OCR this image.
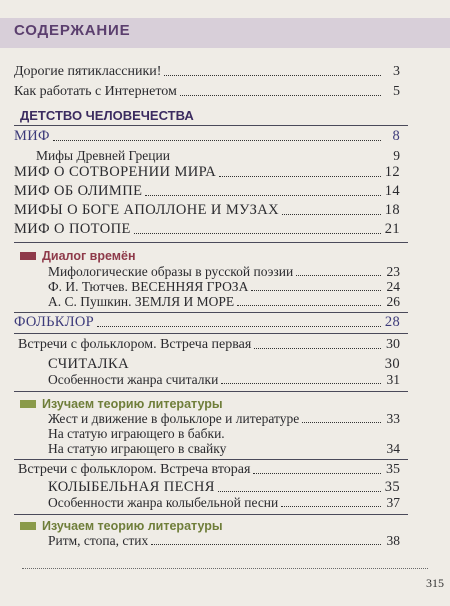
СОДЕРЖАНИЕ
Дорогие пятиклассники!	3
Как работать с Интернетом	5
ДЕТСТВО ЧЕЛОВЕЧЕСТВА
МИФ	8
Мифы Древней Греции	9
МИФ О СОТВОРЕНИИ МИРА	12
МИФ ОБ ОЛИМПЕ	14
МИФЫ О БОГЕ АПОЛЛОНЕ И МУЗАХ	18
МИФ О ПОТОПЕ	21
Диалог времён
Мифологические образы в русской поэзии	23
Ф. И. Тютчев. ВЕСЕННЯЯ ГРОЗА	24
А. С. Пушкин. ЗЕМЛЯ И МОРЕ	26
ФОЛЬКЛОР	28
Встречи с фольклором. Встреча первая	30
СЧИТАЛКА	30
Особенности жанра считалки	31
Изучаем теорию литературы
Жест и движение в фольклоре и литературе	33
На статую играющего в бабки.
На статую играющего в свайку	34
Встречи с фольклором. Встреча вторая	35
КОЛЫБЕЛЬНАЯ ПЕСНЯ	35
Особенности жанра колыбельной песни	37
Изучаем теорию литературы
Ритм, стопа, стих	38
315
